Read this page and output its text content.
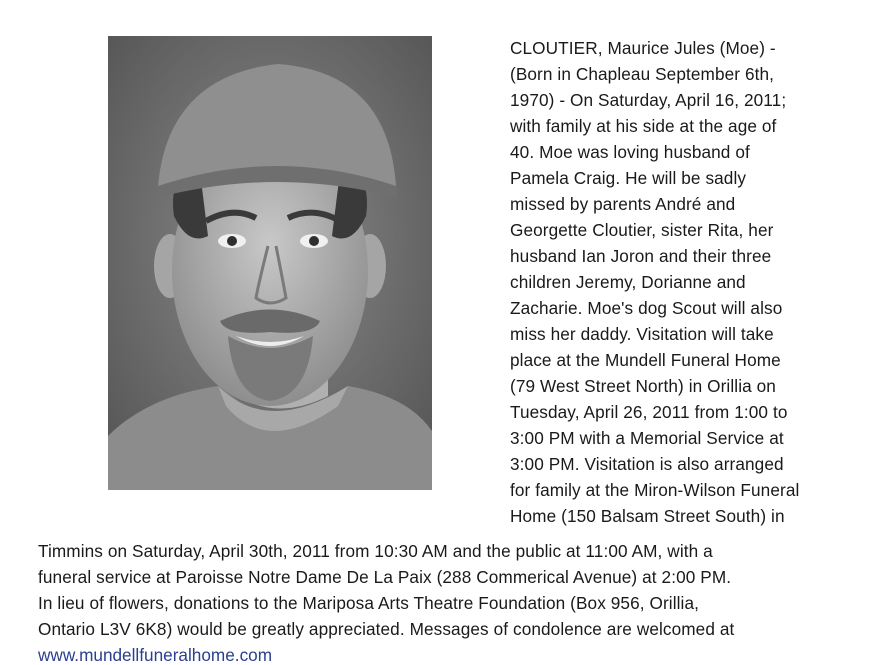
CLOUTIER, Maurice Jules (Moe) -
(Born in Chapleau September 6th,
1970) - On Saturday, April 16, 2011;
with family at his side at the age of
40. Moe was loving husband of
Pamela Craig. He will be sadly
missed by parents André and
Georgette Cloutier, sister Rita, her
husband Ian Joron and their three
children Jeremy, Dorianne and
Zacharie. Moe's dog Scout will also
miss her daddy. Visitation will take
place at the Mundell Funeral Home
(79 West Street North) in Orillia on
Tuesday, April 26, 2011 from 1:00 to
3:00 PM with a Memorial Service at
3:00 PM. Visitation is also arranged
for family at the Miron-Wilson Funeral
Home (150 Balsam Street South) in
Timmins on Saturday, April 30th, 2011 from 10:30 AM and the public at 11:00 AM, with a
funeral service at Paroisse Notre Dame De La Paix (288 Commerical Avenue) at 2:00 PM.
In lieu of flowers, donations to the Mariposa Arts Theatre Foundation (Box 956, Orillia,
Ontario L3V 6K8) would be greatly appreciated. Messages of condolence are welcomed at
www.mundellfuneralhome.com
